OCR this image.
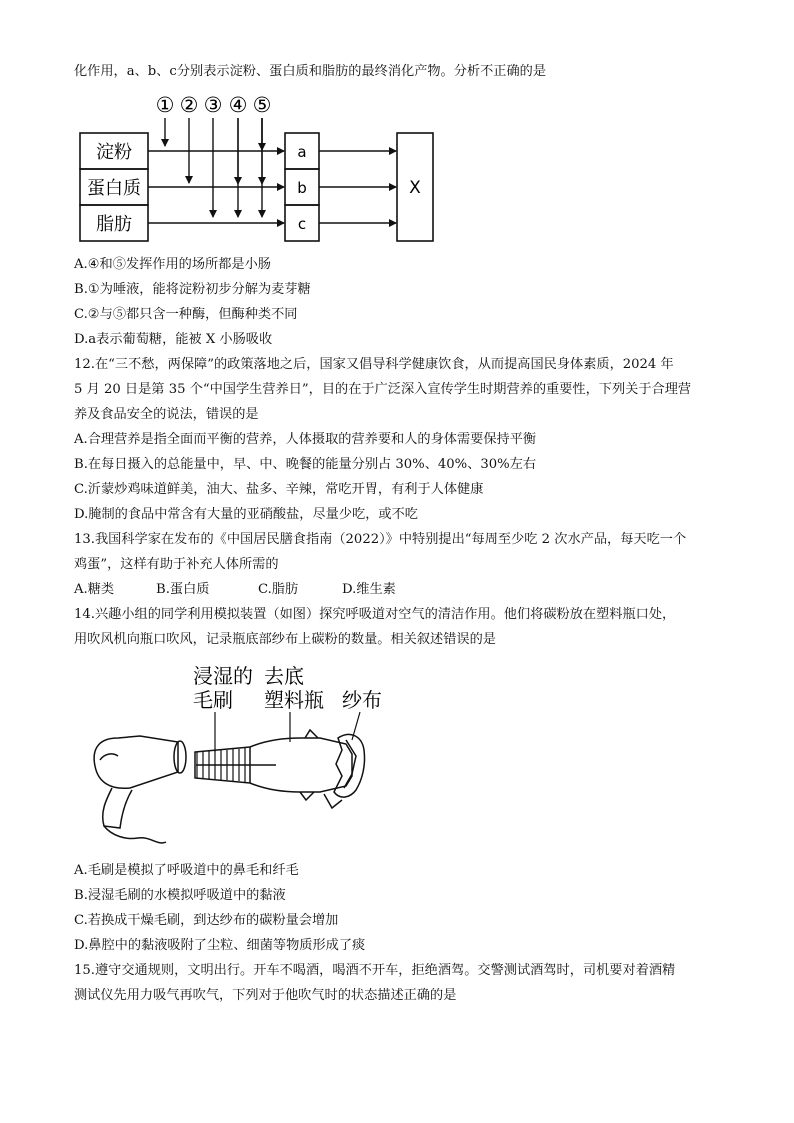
化作用，a、b、c分别表示淀粉、蛋白质和脂肪的最终消化产物。分析不正确的是
① ② ③ ④ ⑤
淀粉
蛋白质
脂肪
a
b
c
X
A.④和⑤发挥作用的场所都是小肠
B.①为唾液，能将淀粉初步分解为麦芽糖
C.②与⑤都只含一种酶，但酶种类不同
D.a表示葡萄糖，能被 X 小肠吸收
12.在“三不愁，两保障”的政策落地之后，国家又倡导科学健康饮食，从而提高国民身体素质，2024 年
5 月 20 日是第 35 个“中国学生营养日”，目的在于广泛深入宣传学生时期营养的重要性，下列关于合理营
养及食品安全的说法，错误的是
A.合理营养是指全面而平衡的营养，人体摄取的营养要和人的身体需要保持平衡
B.在每日摄入的总能量中，早、中、晚餐的能量分别占 30%、40%、30%左右
C.沂蒙炒鸡味道鲜美，油大、盐多、辛辣，常吃开胃，有利于人体健康
D.腌制的食品中常含有大量的亚硝酸盐，尽量少吃，或不吃
13.我国科学家在发布的《中国居民膳食指南（2022）》中特别提出“每周至少吃 2 次水产品，每天吃一个
鸡蛋”，这样有助于补充人体所需的
A.糖类	B.蛋白质	C.脂肪	D.维生素
14.兴趣小组的同学利用模拟装置（如图）探究呼吸道对空气的清洁作用。他们将碳粉放在塑料瓶口处，
用吹风机向瓶口吹风，记录瓶底部纱布上碳粉的数量。相关叙述错误的是
浸湿的
毛刷
去底
塑料瓶 纱布
A.毛刷是模拟了呼吸道中的鼻毛和纤毛
B.浸湿毛刷的水模拟呼吸道中的黏液
C.若换成干燥毛刷，到达纱布的碳粉量会增加
D.鼻腔中的黏液吸附了尘粒、细菌等物质形成了痰
15.遵守交通规则，文明出行。开车不喝酒，喝酒不开车，拒绝酒驾。交警测试酒驾时，司机要对着酒精
测试仪先用力吸气再吹气，下列对于他吹气时的状态描述正确的是
